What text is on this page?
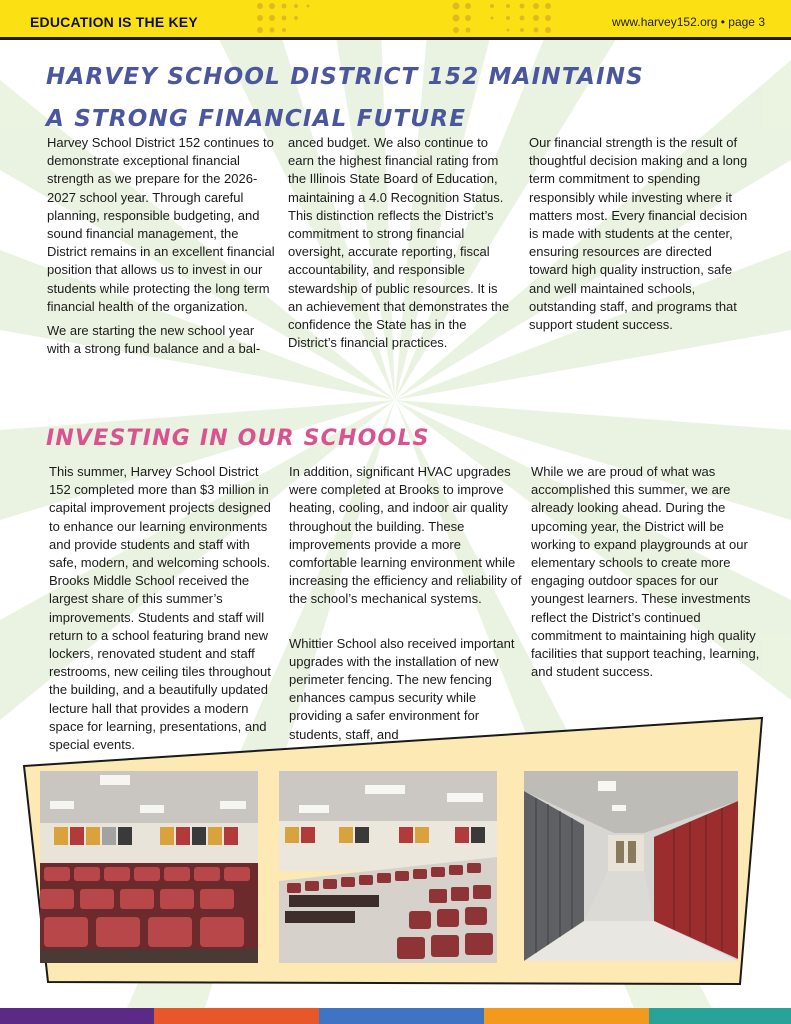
EDUCATION IS THE KEY	www.harvey152.org • page 3
HARVEY SCHOOL DISTRICT 152 MAINTAINS A STRONG FINANCIAL FUTURE

Harvey School District 152 continues to demonstrate exceptional financial strength as we prepare for the 2026-2027 school year. Through careful planning, responsible budgeting, and sound financial management, the District remains in an excellent financial position that allows us to invest in our students while protecting the long term financial health of the organization.

We are starting the new school year with a strong fund balance and a bal-

anced budget. We also continue to earn the highest financial rating from the Illinois State Board of Education, maintaining a 4.0 Recognition Status. This distinction reflects the District’s commitment to strong financial oversight, accurate reporting, fiscal accountability, and responsible stewardship of public resources. It is an achievement that demonstrates the confidence the State has in the District’s financial practices.

Our financial strength is the result of thoughtful decision making and a long term commitment to spending responsibly while investing where it matters most. Every financial decision is made with students at the center, ensuring resources are directed toward high quality instruction, safe and well maintained schools, outstanding staff, and programs that support student success.

INVESTING IN OUR SCHOOLS

This summer, Harvey School District 152 completed more than $3 million in capital improvement projects designed to enhance our learning environments and provide students and staff with safe, modern, and welcoming schools. Brooks Middle School received the largest share of this summer’s improvements. Students and staff will return to a school featuring brand new lockers, renovated student and staff restrooms, new ceiling tiles throughout the building, and a beautifully updated lecture hall that provides a modern space for learning, presentations, and special events.

In addition, significant HVAC upgrades were completed at Brooks to improve heating, cooling, and indoor air quality throughout the building. These improvements provide a more comfortable learning environment while increasing the efficiency and reliability of the school’s mechanical systems.

Whittier School also received important upgrades with the installation of new perimeter fencing. The new fencing enhances campus security while providing a safer environment for students, staff, and

While we are proud of what was accomplished this summer, we are already looking ahead. During the upcoming year, the District will be working to expand playgrounds at our elementary schools to create more engaging outdoor spaces for our youngest learners. These investments reflect the District’s continued commitment to maintaining high quality facilities that support teaching, learning, and student success.
